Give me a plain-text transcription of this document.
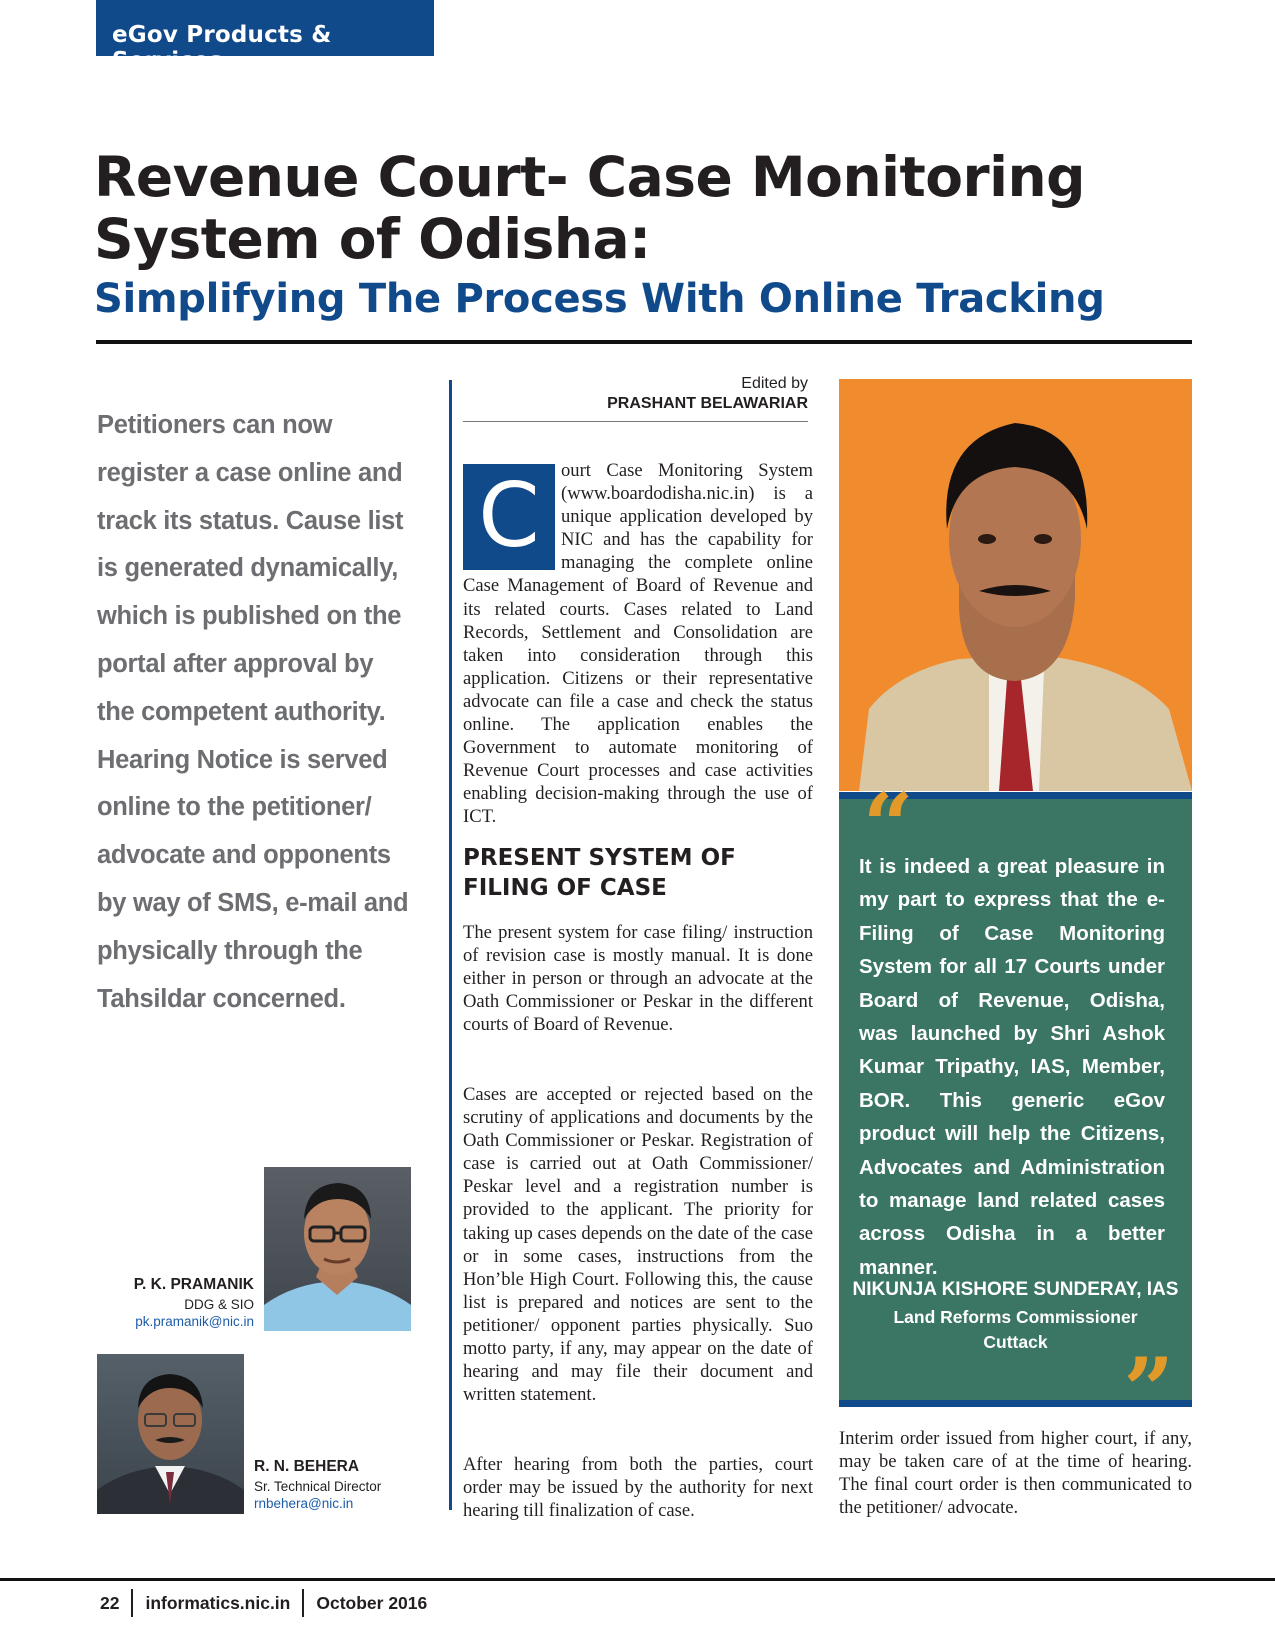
eGov Products & Services
Revenue Court- Case Monitoring
System of Odisha:
Simplifying The Process With Online Tracking

Petitioners can now register a case online and track its status. Cause list is generated dynamically, which is published on the portal after approval by the competent authority. Hearing Notice is served online to the petitioner/ advocate and opponents by way of SMS, e-mail and physically through the Tahsildar concerned.

P. K. PRAMANIK
DDG & SIO
pk.pramanik@nic.in
R. N. BEHERA
Sr. Technical Director
rnbehera@nic.in
Edited by
PRASHANT BELAWARIAR
ourt Case Monitoring System (www.boardodisha.nic.in) is a unique application developed by NIC and has the capability for managing the complete online Case Management of Board of Revenue and its related courts. Cases related to Land Records, Settlement and Consolidation are taken into consideration through this application. Citizens or their representative advocate can file a case and check the status online. The application enables the Government to automate monitoring of Revenue Court processes and case activities enabling decision-making through the use of ICT.
C
PRESENT SYSTEM OF FILING OF CASE

The present system for case filing/ instruction of revision case is mostly manual. It is done either in person or through an advocate at the Oath Commissioner or Peskar in the different courts of Board of Revenue.

Cases are accepted or rejected based on the scrutiny of applications and documents by the Oath Commissioner or Peskar. Registration of case is carried out at Oath Commissioner/ Peskar level and a registration number is provided to the applicant. The priority for taking up cases depends on the date of the case or in some cases, instructions from the Hon’ble High Court. Following this, the cause list is prepared and notices are sent to the petitioner/ opponent parties physically. Suo motto party, if any, may appear on the date of hearing and may file their document and written statement.

After hearing from both the parties, court order may be issued by the authority for next hearing till finalization of case.

“

It is indeed a great pleasure in my part to express that the e-Filing of Case Monitoring System for all 17 Courts under Board of Revenue, Odisha, was launched by Shri Ashok Kumar Tripathy, IAS, Member, BOR. This generic eGov product will help the Citizens, Advocates and Administration to manage land related cases across Odisha in a better manner.

NIKUNJA KISHORE SUNDERAY, IAS
Land Reforms Commissioner
Cuttack ”

Interim order issued from higher court, if any, may be taken care of at the time of hearing. The final court order is then communicated to the petitioner/ advocate.

22 informatics.nic.in October 2016
